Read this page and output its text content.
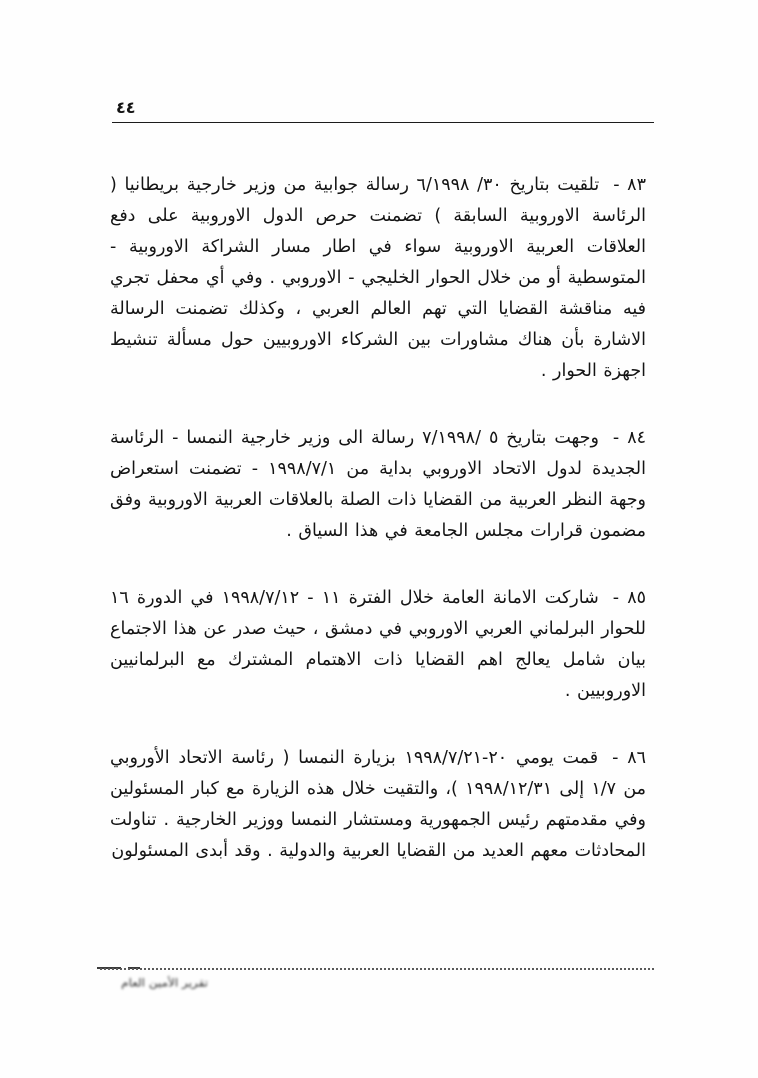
٤٤

٨٣ -تلقيت بتاريخ ٣٠/ ٦/١٩٩٨ رسالة جوابية من وزير خارجية بريطانيا ( الرئاسة الاوروبية السابقة ) تضمنت حرص الدول الاوروبية على دفع العلاقات العربية الاوروبية سواء في اطار مسار الشراكة الاوروبية - المتوسطية أو من خلال الحوار الخليجي - الاوروبي . وفي أي محفل تجري فيه مناقشة القضايا التي تهم العالم العربي ، وكذلك تضمنت الرسالة الاشارة بأن هناك مشاورات بين الشركاء الاوروبيين حول مسألة تنشيط اجهزة الحوار .

٨٤ -وجهت بتاريخ ٥ /٧/١٩٩٨ رسالة الى وزير خارجية النمسا - الرئاسة الجديدة لدول الاتحاد الاوروبي بداية من ١٩٩٨/٧/١ - تضمنت استعراض وجهة النظر العربية من القضايا ذات الصلة بالعلاقات العربية الاوروبية وفق مضمون قرارات مجلس الجامعة في هذا السياق .

٨٥ -شاركت الامانة العامة خلال الفترة ١١ - ١٩٩٨/٧/١٢ في الدورة ١٦ للحوار البرلماني العربي الاوروبي في دمشق ، حيث صدر عن هذا الاجتماع بيان شامل يعالج اهم القضايا ذات الاهتمام المشترك مع البرلمانيين الاوروبيين .

٨٦ -قمت يومي ٢٠-١٩٩٨/٧/٢١ بزيارة النمسا ( رئاسة الاتحاد الأوروبي من ١/٧ إلى ١٩٩٨/١٢/٣١ )، والتقيت خلال هذه الزيارة مع كبار المسئولين وفي مقدمتهم رئيس الجمهورية ومستشار النمسا ووزير الخارجية . تناولت المحادثات معهم العديد من القضايا العربية والدولية . وقد أبدى المسئولون

تقرير الأمين العام
